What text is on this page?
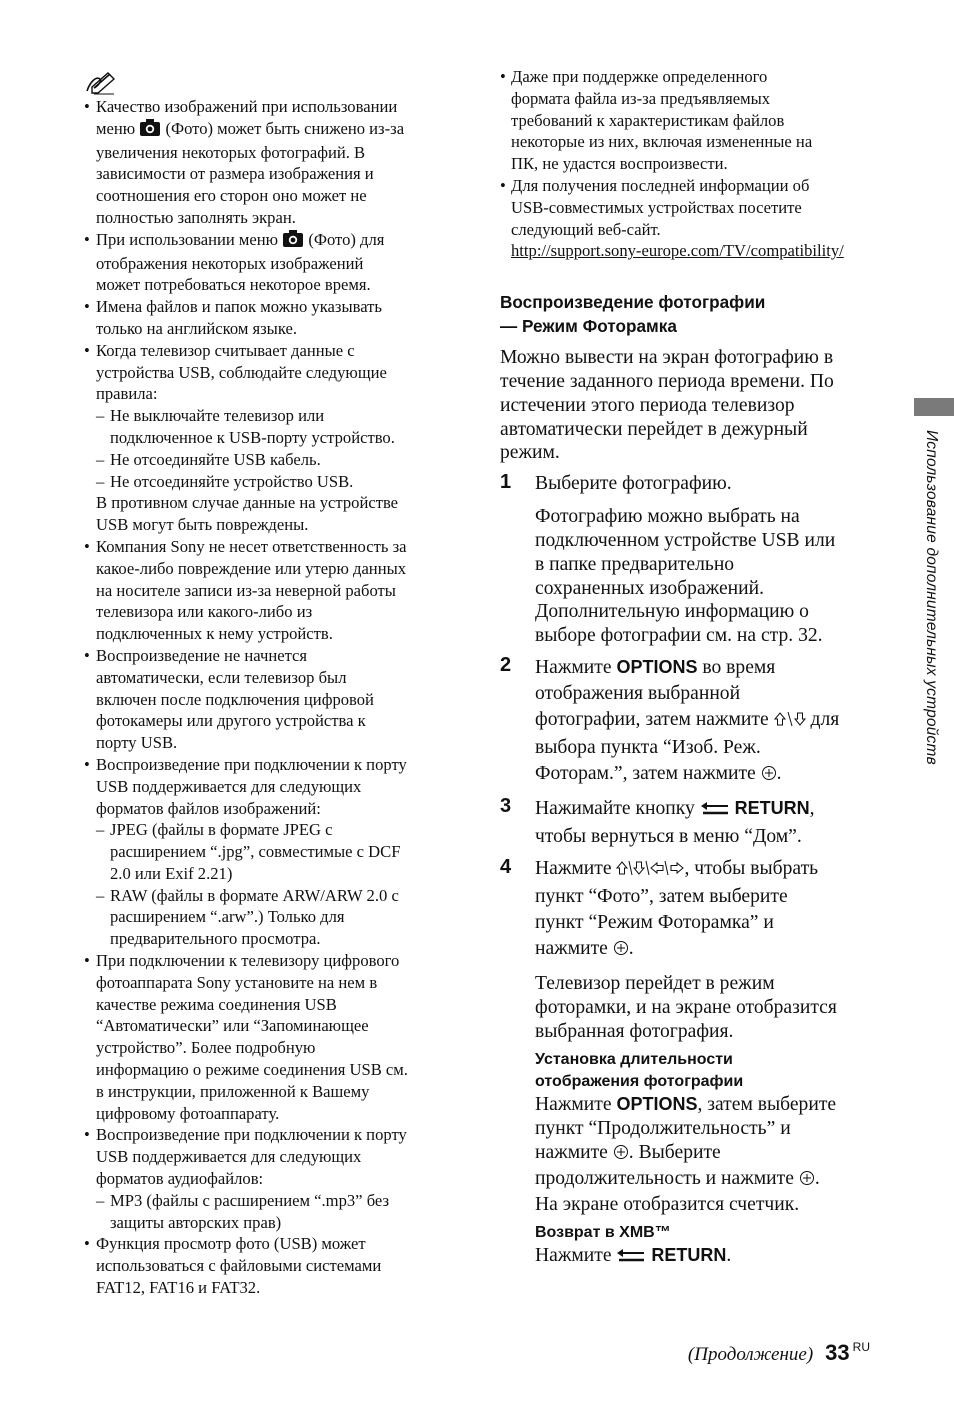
Использование дополнительных устройств
• Качество изображений при использовании
меню  (Фото) может быть снижено из-за
увеличения некоторых фотографий. В
зависимости от размера изображения и
соотношения его сторон оно может не
полностью заполнять экран.
• При использовании меню  (Фото) для
отображения некоторых изображений
может потребоваться некоторое время.
• Имена файлов и папок можно указывать
только на английском языке.
• Когда телевизор считывает данные с
устройства USB, соблюдайте следующие
правила:
– Не выключайте телевизор или
подключенное к USB-порту устройство.
– Не отсоединяйте USB кабель.
– Не отсоединяйте устройство USB.
В противном случае данные на устройстве
USB могут быть повреждены.
• Компания Sony не несет ответственность за
какое-либо повреждение или утерю данных
на носителе записи из-за неверной работы
телевизора или какого-либо из
подключенных к нему устройств.
• Воспроизведение не начнется
автоматически, если телевизор был
включен после подключения цифровой
фотокамеры или другого устройства к
порту USB.
• Воспроизведение при подключении к порту
USB поддерживается для следующих
форматов файлов изображений:
– JPEG (файлы в формате JPEG с
расширением “.jpg”, совместимые с DCF
2.0 или Exif 2.21)
– RAW (файлы в формате ARW/ARW 2.0 с
расширением “.arw”.) Только для
предварительного просмотра.
• При подключении к телевизору цифрового
фотоаппарата Sony установите на нем в
качестве режима соединения USB
“Автоматически” или “Запоминающее
устройство”. Более подробную
информацию о режиме соединения USB см.
в инструкции, приложенной к Вашему
цифровому фотоаппарату.
• Воспроизведение при подключении к порту
USB поддерживается для следующих
форматов аудиофайлов:
– MP3 (файлы с расширением “.mp3” без
защиты авторских прав)
• Функция просмотр фото (USB) может
использоваться с файловыми системами
FAT12, FAT16 и FAT32.
• Даже при поддержке определенного
формата файла из-за предъявляемых
требований к характеристикам файлов
некоторые из них, включая измененные на
ПК, не удастся воспроизвести.
• Для получения последней информации об
USB-совместимых устройствах посетите
следующий веб-сайт.
http://support.sony-europe.com/TV/compatibility/
Воспроизведение фотографии
— Режим Фоторамка
Можно вывести на экран фотографию в
течение заданного периода времени. По
истечении этого периода телевизор
автоматически перейдет в дежурный
режим.
1 Выберите фотографию.
Фотографию можно выбрать на
подключенном устройстве USB или
в папке предварительно
сохраненных изображений.
Дополнительную информацию о
выборе фотографии см. на стр. 32.
2 Нажмите OPTIONS во время
отображения выбранной
фотографии, затем нажмите  для
выбора пункта “Изоб. Реж.
Фоторам.”, затем нажмите .
3 Нажимайте кнопку  RETURN,
чтобы вернуться в меню “Дом”.
4 Нажмите	, чтобы выбрать
пункт “Фото”, затем выберите
пункт “Режим Фоторамка” и
нажмите .
Телевизор перейдет в режим
фоторамки, и на экране отобразится
выбранная фотография.
Установка длительности
отображения фотографии
Нажмите OPTIONS, затем выберите
пункт “Продолжительность” и
нажмите . Выберите
продолжительность и нажмите .
На экране отобразится счетчик.
Возврат в XMB™
Нажмите  RETURN.
(Продолжение) 33 RU
